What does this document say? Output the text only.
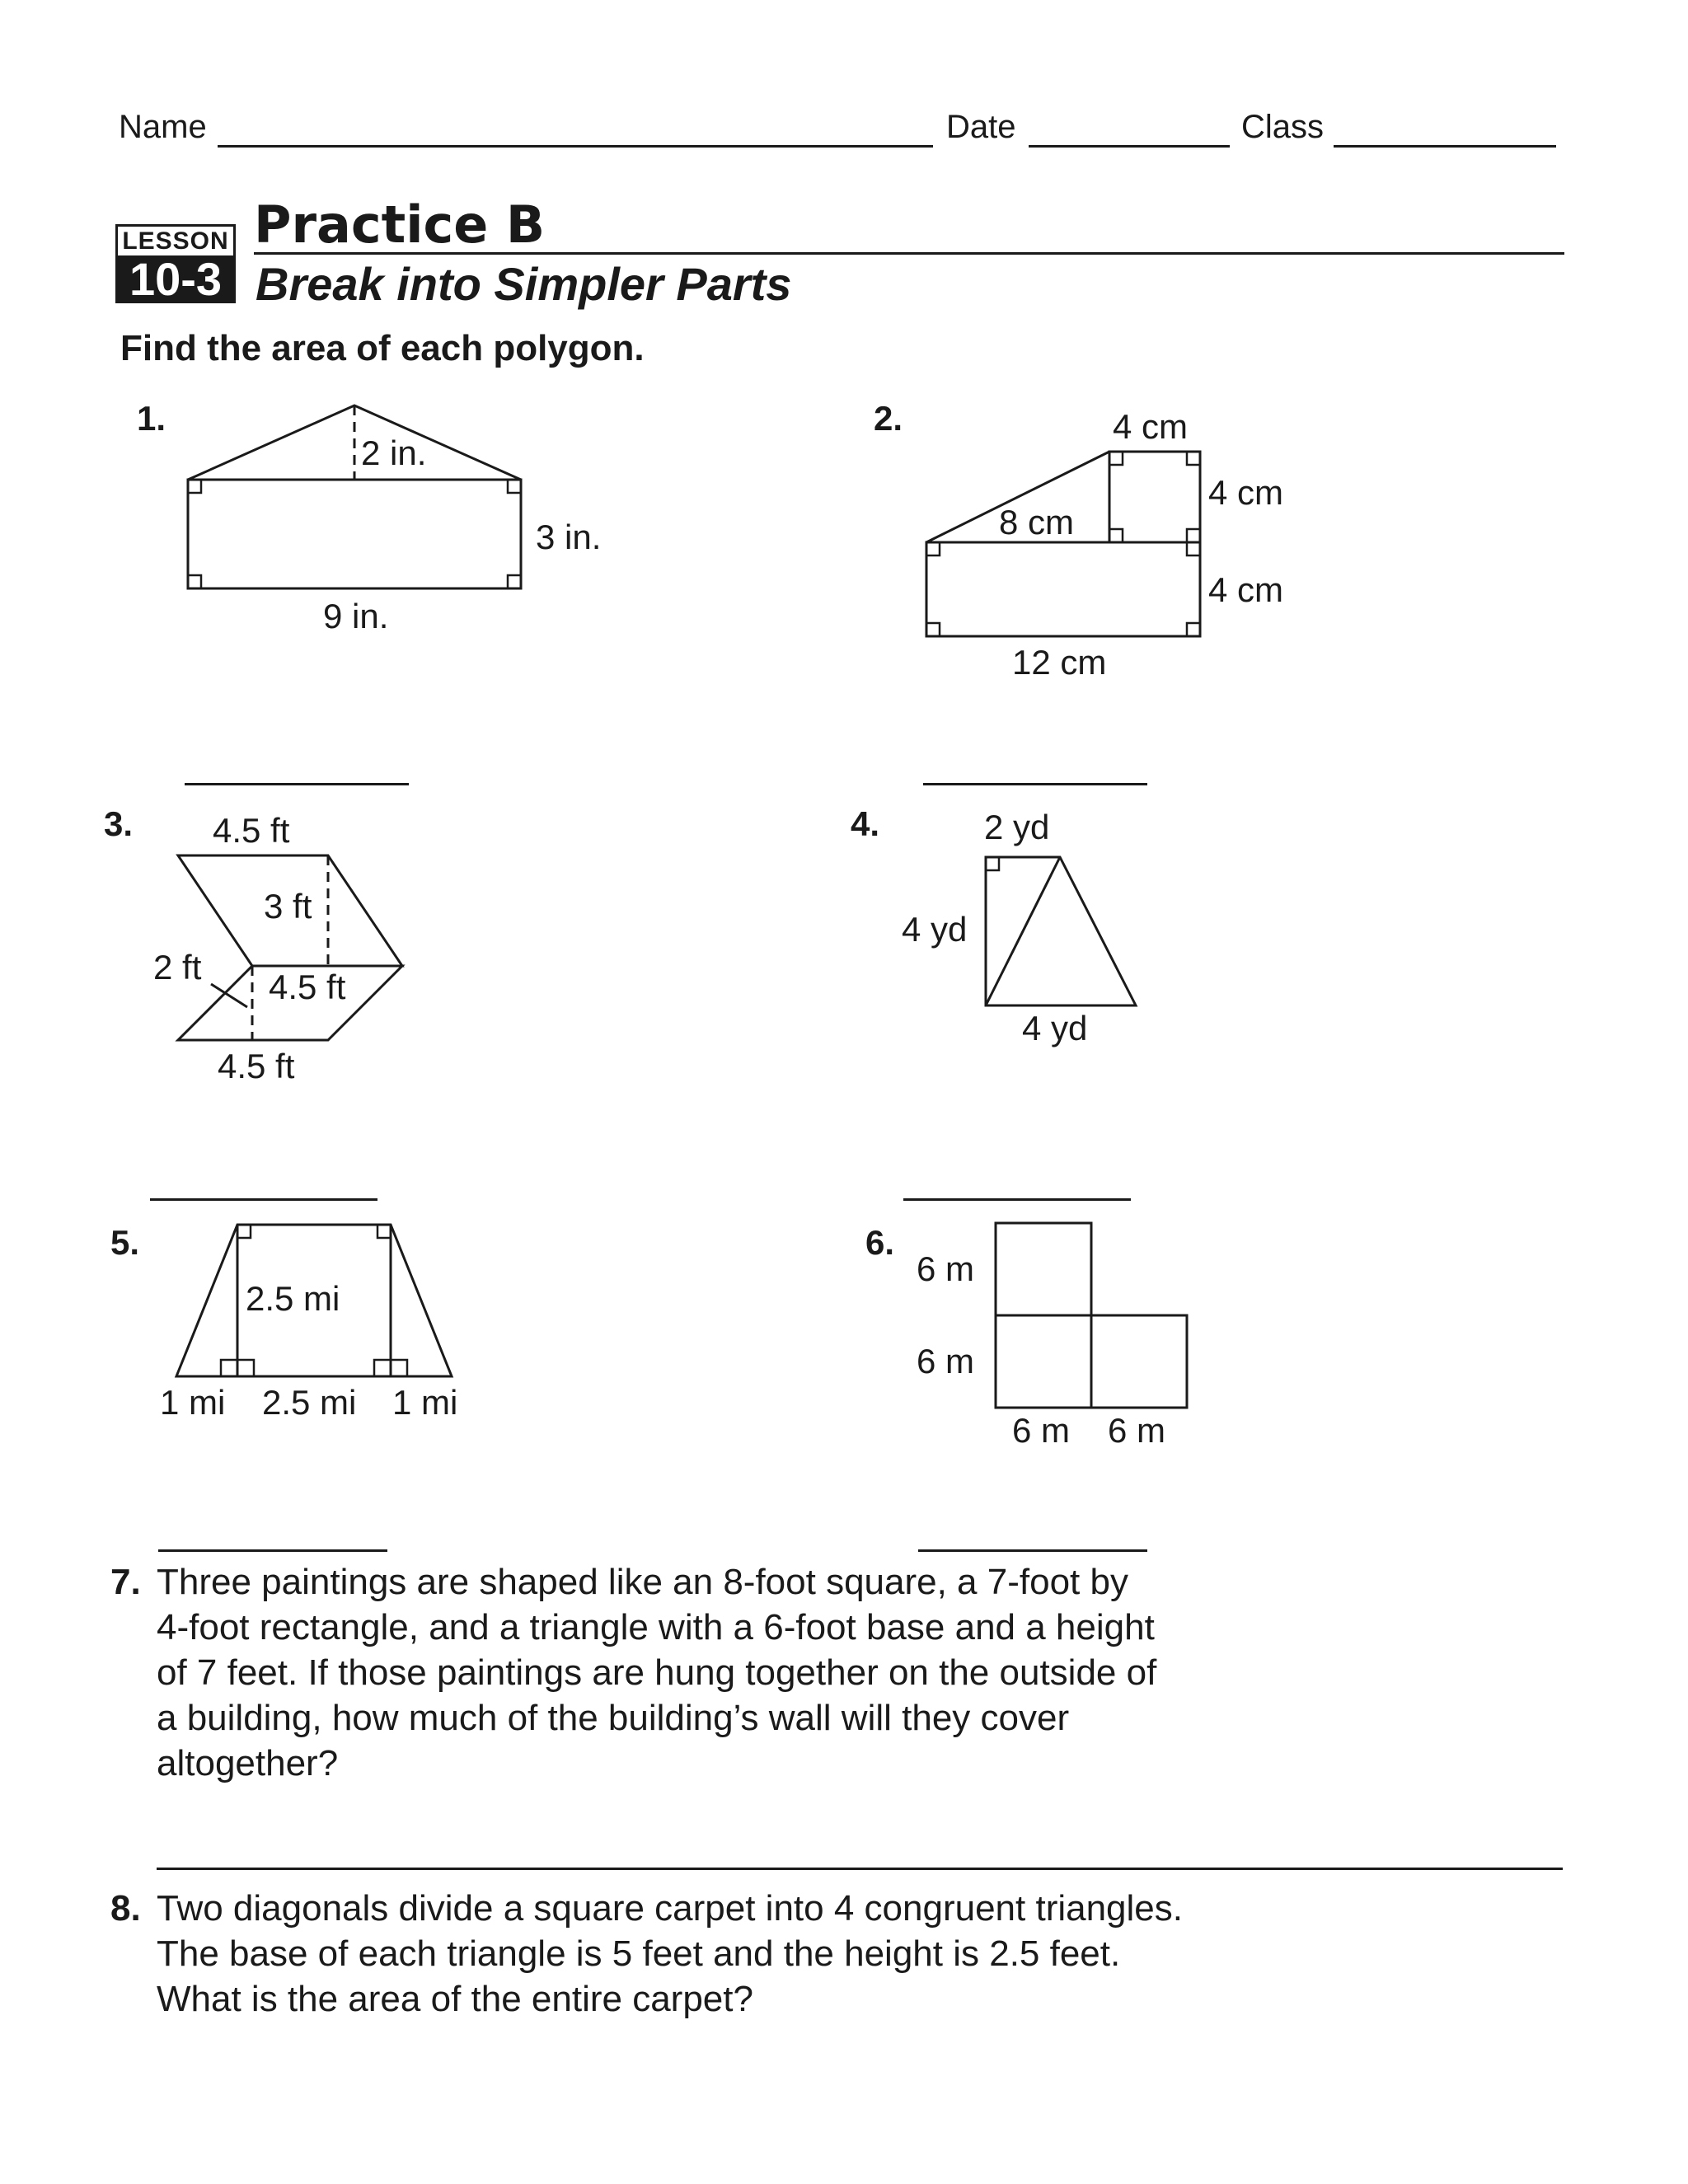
Name	Date	Class
LESSON
10-3
Practice B
Break into Simpler Parts
Find the area of each polygon.
1.	2.
3.	4.
5.	6.
2 in.
3 in.
9 in.
4 cm
4 cm
8 cm
4 cm
12 cm
4.5 ft
3 ft
2 ft
4.5 ft
4.5 ft
2 yd
4 yd
4 yd
2.5 mi
1 mi 2.5 mi 1 mi
6 m
6 m
6 m 6 m
7. Three paintings are shaped like an 8-foot square, a 7-foot by
4-foot rectangle, and a triangle with a 6-foot base and a height
of 7 feet. If those paintings are hung together on the outside of
a building, how much of the building’s wall will they cover
altogether?
8. Two diagonals divide a square carpet into 4 congruent triangles.
The base of each triangle is 5 feet and the height is 2.5 feet.
What is the area of the entire carpet?
